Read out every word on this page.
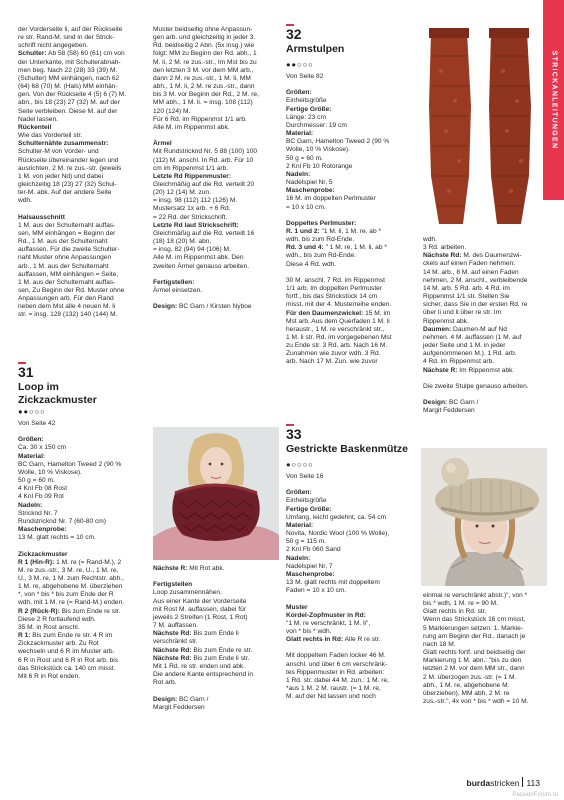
STRICKANLEITUNGEN
der Vorderseite li, auf der Rückseite
re str. Rand-M. sind in der Strick-
schrift nicht angegeben.
Schulter: Ab 58 (58) 60 (61) cm von
der Unterkante, mit Schulterabnah-
men beg. Nach 22 (28) 33 (39) M.
(Schulter) MM einhängen, nach 62
(64) 68 (70) M. (Hals) MM einhän-
gen. Von der Rückseite 4 (5) 6 (7) M.
abn., bis 18 (23) 27 (32) M. auf der
Seite verbleiben. Diese M. auf der
Nadel lassen.
Rückenteil
Wie das Vorderteil str.
Schulternähte zusammenstr:
Schulter-M von Vorder- und
Rückseite übereinander legen und
ausrichten. 2 M. re zus.-str. (jeweils
1 M. von jeder Nd) und dabei
gleichzeitig 18 (23) 27 (32) Schul-
ter-M. abk. Auf der andere Seite
wdh.

Halsausschnitt
1 M. aus der Schulternaht auffas-
sen, MM einhängen = Beginn der
Rd., 1 M. aus der Schulternaht
auffassen. Für die zweite Schulter-
naht Muster ohne Anpassungen
arb., 1 M. aus der Schulternaht
auffassen, MM einhängen = Seite,
1 M. aus der Schulternaht auffas-
sen, Zu Beginn der Rd. Muster ohne
Anpassungen arb. Für den Rand
neben dem Mst alle 4 neuen M. li
str. = insg. 128 (132) 140 (144) M.
Muster beidseitig ohne Anpassun-
gen arb. und gleichzeitig in jeder 3.
Rd. beidseitig 2 Abn. (5x insg.) wie
folgt: MM zu Beginn der Rd. abh., 1
M. li, 2 M. re zus.-str., Im Mst bis zu
den letzten 3 M. vor dem MM arb.,
dann 2 M. re zus.-str., 1 M. li, MM
abh., 1 M. li, 2 M. re zus.-str., dann
bis 3 M. vor Beginn der Rd., 2 M. re,
MM abh., 1 M. li. = insg. 108 (112)
120 (124) M.
Für 6 Rd. im Rippenmst 1/1 arb.
Alle M. im Rippenmst abk.

Ärmel
Mit Rundstricknd Nr. 5 88 (100) 100
(112) M. anschl. In Rd. arb. Für 10
cm im Rippenmst 1/1 arb.
Letzte Rd Rippenmuster:
Gleichmäßig auf die Rd. verteilt 20
(20) 12 (14) M. zun.
= insg. 98 (112) 112 (126) M.
Mustersatz 1x arb. + 6 Rd.
= 22 Rd. der Strickschrift.
Letzte Rd laut Strickschrift:
Gleichmäßig auf die Rd. verteilt 16
(18) 18 (20) M. abn.
= insg. 82 (94) 94 (106) M.
Alle M. im Rippenmst abk. Den
zweiten Ärmel genauso arbeiten.

Fertigstellen:
Ärmel einsetzen.

Design: BC Garn / Kirsten Nyboe
32
Armstulpen
●●○○○
Von Seite 82

Größen:
Einheitsgröße
Fertige Größe:
Länge: 23 cm
Durchmesser: 19 cm
Material:
BC Garn, Hamelton Tweed 2 (90 %
Wolle, 10 % Viskose).
50 g = 60 m.
2 Knl Fb 10 Rotorange
Nadeln:
Nadelspiel Nr. 5
Maschenprobe:
16 M. im doppelten Perlmuster
= 10 x 10 cm.

Doppeltes Perlmuster:
R. 1 und 2: "1 M. li, 1 M. re, ab *
wdh, bis zum Rd-Ende.
Rd. 3 und 4: " 1 M. re, 1 M. li, ab *
wdh., bis zum Rd-Ende.
Diese 4 Rd. wdh.

30 M. anschl. 7 Rd. im Rippenmst
1/1 arb. Im doppelten Perlmuster
fortf., bis das Strickstück 14 cm
misst, mit der 4. Musterreihe enden.
Für den Daumenzwickel: 15 M. im
Mst arb. Aus dem Querfaden 1 M. li
heraustr., 1 M. re verschränkt str.,
1 M. li str. Rd. im vorgegebenen Mst
zu Ende str. 3 Rd. arb. Nach 16 M.
Zunahmen wie zuvor wdh. 3 Rd.
arb. Nach 17 M. Zun. wie zuvor
wdh.
3 Rd. arbeiten.
Nächste Rd: M. des Daumenzwi-
ckels auf einen Faden nehmen:
14 M. arb., 8 M. auf einen Faden
nehmen, 2 M. anschl., verbleibende
14 M. arb. 5 Rd. arb. 4 Rd. im
Rippenmst 1/1 str. Stellen Sie
sicher, dass Sie in der ersten Rd. re
über li und li über re str. Im
Rippenmst abk.
Daumen: Daumen-M auf Nd
nehmen. 4 M. auffassen (1 M. auf
jeder Seite und 1 M. in jeder
aufgenommenen M.). 1 Rd. arb.
4 Rd. im Rippenmst arb.
Nächste R: Im Rippenmst abk.

Die zweite Stulpe genauso arbeiten.

Design: BC Garn /
Margit Feddersen
31
Loop im
Zickzackmuster
●●○○○
Von Seite 42

Größen:
Ca. 30 x 150 cm
Material:
BC Garn, Hamelton Tweed 2 (90 %
Wolle, 10 % Viskose).
50 g = 60 m.
4 Knl Fb 08 Rost
4 Knl Fb 09 Rot
Nadeln:
Stricknd Nr. 7
Rundstricknd Nr. 7 (60-80 cm)
Maschenprobe:
13 M. glatt rechts = 10 cm.

Zickzackmuster
R 1 (Hin-R): 1 M. re (= Rand-M.), 2
M. re zus.-str., 3 M. re, U., 1 M. re,
U., 3 M. re, 1 M. zum Rechtstr. abh.,
1 M. re, abgehobene M. überziehen
*, von * bis * bis zum Ende der R
wdh, mit 1 M. re (= Rand-M.) enden.
R 2 (Rück-R): Bis zum Ende re str.
Diese 2 R fortlaufend wdh.
35 M. in Rost anschl.
R 1: Bis zum Ende re str. 4 R im
Zickzackmuster arb. Zu Rot
wechseln und 6 R im Muster arb.
6 R in Rost und 6 R in Rot arb. bis
das Strickstück ca. 140 cm misst.
Mit 6 R in Rot enden.
Nächste R: Mit Rot abk.

Fertigstellen
Loop zusammennähen.
Aus einer Kante der Vorderseite
mit Rost M. auffassen, dabei für
jeweils 2 Streifen (1 Rost, 1 Rot)
7 M. auffassen.
Nächste Rd: Bis zum Ende li
verschränkt str.
Nächste Rd: Bis zum Ende re str.
Nächste Rd: Bis zum Ende li str.
Mit 1 Rd. re str. enden und abk.
Die andere Kante entsprechend in
Rot arb.

Design: BC Garn /
Margit Feddersen
33
Gestrickte Baskenmütze
●○○○○
Von Seite 16

Größen:
Einheitsgröße
Fertige Größe:
Umfang, leicht gedehnt, ca. 54 cm
Material:
Novita, Nordic Wool (100 % Wolle),
50 g = 115 m.
2 Knl Fb 060 Sand
Nadeln:
Nadelspiel Nr. 7
Maschenprobe:
13 M. glatt rechts mit doppeltem
Faden = 10 x 10 cm.

Muster
Kordel-Zopfmuster in Rd:
"1 M. re verschränkt, 1 M. li",
von * bis * wdh.
Glatt rechts in Rd: Alle R re str.

Mit doppeltem Faden locker 46 M.
anschl. und über 6 cm verschränk-
tes Rippenmuster in Rd. arbeiten:
1 Rd. str. dabei 44 M. zun.: 1 M. re,
*aus 1 M. 2 M. raustr. (= 1 M. re,
M. auf der Nd lassen und noch
einmal re verschränkt abstr.)", von *
bis * wdh, 1 M. re = 90 M.
Glatt rechts in Rd. str.
Wenn das Strickstück 16 cm misst,
5 Markierungen setzen: 1. Markie-
rung am Beginn der Rd., danach je
nach 18 M.
Glatt rechts fortf. und beidseitig der
Markierung 1 M. abn.: "bis zu den
letzten 2 M. vor dem MM str., dann
2 M. überzogen zus.-str. (= 1 M.
abh., 1 M. re, abgehobene M.
überziehen), MM abh, 2 M. re
zus.-str.", 4x von * bis * wdh = 10 M.
burdastricken 113
PassionForum.ru
